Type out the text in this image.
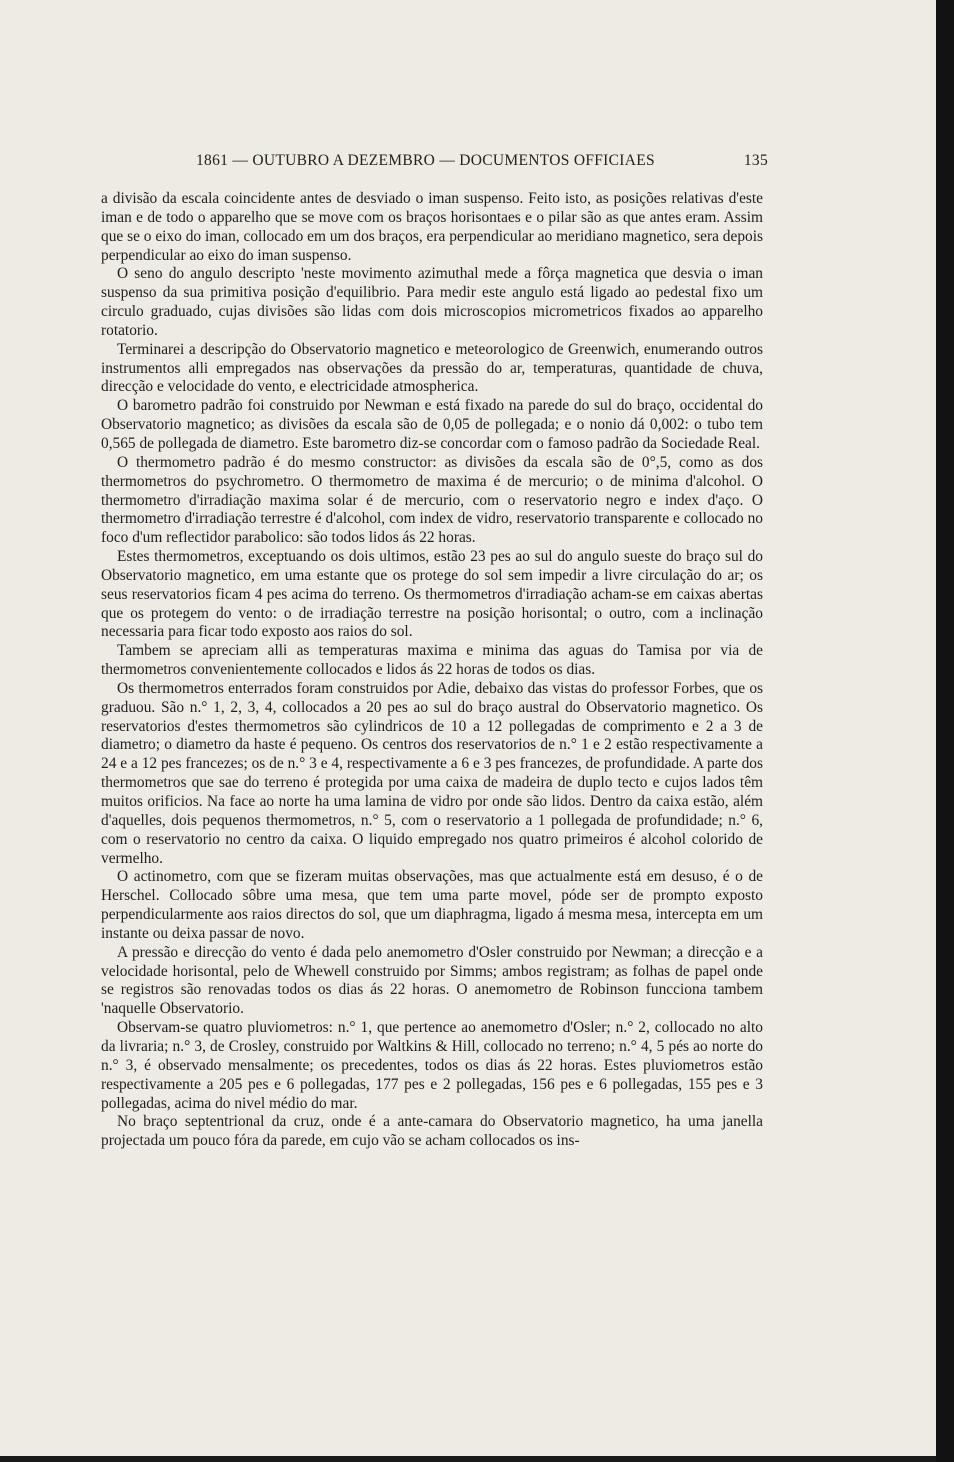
1861 — OUTUBRO A DEZEMBRO — DOCUMENTOS OFFICIAES	135

a divisão da escala coincidente antes de desviado o iman suspenso. Feito isto, as posições relativas d'este iman e de todo o apparelho que se move com os braços horisontaes e o pilar são as que antes eram. Assim que se o eixo do iman, collocado em um dos braços, era perpendicular ao meridiano magnetico, sera depois perpendicular ao eixo do iman suspenso.

O seno do angulo descripto 'neste movimento azimuthal mede a fôrça magnetica que desvia o iman suspenso da sua primitiva posição d'equilibrio. Para medir este angulo está ligado ao pedestal fixo um circulo graduado, cujas divisões são lidas com dois microscopios micrometricos fixados ao apparelho rotatorio.

Terminarei a descripção do Observatorio magnetico e meteorologico de Greenwich, enumerando outros instrumentos alli empregados nas observações da pressão do ar, temperaturas, quantidade de chuva, direcção e velocidade do vento, e electricidade atmospherica.

O barometro padrão foi construido por Newman e está fixado na parede do sul do braço, occidental do Observatorio magnetico; as divisões da escala são de 0,05 de pollegada; e o nonio dá 0,002: o tubo tem 0,565 de pollegada de diametro. Este barometro diz-se concordar com o famoso padrão da Sociedade Real.

O thermometro padrão é do mesmo constructor: as divisões da escala são de 0°,5, como as dos thermometros do psychrometro. O thermometro de maxima é de mercurio; o de minima d'alcohol. O thermometro d'irradiação maxima solar é de mercurio, com o reservatorio negro e index d'aço. O thermometro d'irradiação terrestre é d'alcohol, com index de vidro, reservatorio transparente e collocado no foco d'um reflectidor parabolico: são todos lidos ás 22 horas.

Estes thermometros, exceptuando os dois ultimos, estão 23 pes ao sul do angulo sueste do braço sul do Observatorio magnetico, em uma estante que os protege do sol sem impedir a livre circulação do ar; os seus reservatorios ficam 4 pes acima do terreno. Os thermometros d'irradiação acham-se em caixas abertas que os protegem do vento: o de irradiação terrestre na posição horisontal; o outro, com a inclinação necessaria para ficar todo exposto aos raios do sol.

Tambem se apreciam alli as temperaturas maxima e minima das aguas do Tamisa por via de thermometros convenientemente collocados e lidos ás 22 horas de todos os dias.

Os thermometros enterrados foram construidos por Adie, debaixo das vistas do professor Forbes, que os graduou. São n.° 1, 2, 3, 4, collocados a 20 pes ao sul do braço austral do Observatorio magnetico. Os reservatorios d'estes thermometros são cylindricos de 10 a 12 pollegadas de comprimento e 2 a 3 de diametro; o diametro da haste é pequeno. Os centros dos reservatorios de n.° 1 e 2 estão respectivamente a 24 e a 12 pes francezes; os de n.° 3 e 4, respectivamente a 6 e 3 pes francezes, de profundidade. A parte dos thermometros que sae do terreno é protegida por uma caixa de madeira de duplo tecto e cujos lados têm muitos orificios. Na face ao norte ha uma lamina de vidro por onde são lidos. Dentro da caixa estão, além d'aquelles, dois pequenos thermometros, n.° 5, com o reservatorio a 1 pollegada de profundidade; n.° 6, com o reservatorio no centro da caixa. O liquido empregado nos quatro primeiros é alcohol colorido de vermelho.

O actinometro, com que se fizeram muitas observações, mas que actualmente está em desuso, é o de Herschel. Collocado sôbre uma mesa, que tem uma parte movel, póde ser de prompto exposto perpendicularmente aos raios directos do sol, que um diaphragma, ligado á mesma mesa, intercepta em um instante ou deixa passar de novo.

A pressão e direcção do vento é dada pelo anemometro d'Osler construido por Newman; a direcção e a velocidade horisontal, pelo de Whewell construido por Simms; ambos registram; as folhas de papel onde se registros são renovadas todos os dias ás 22 horas. O anemometro de Robinson funcciona tambem 'naquelle Observatorio.

Observam-se quatro pluviometros: n.° 1, que pertence ao anemometro d'Osler; n.° 2, collocado no alto da livraria; n.° 3, de Crosley, construido por Waltkins & Hill, collocado no terreno; n.° 4, 5 pés ao norte do n.° 3, é observado mensalmente; os precedentes, todos os dias ás 22 horas. Estes pluviometros estão respectivamente a 205 pes e 6 pollegadas, 177 pes e 2 pollegadas, 156 pes e 6 pollegadas, 155 pes e 3 pollegadas, acima do nivel médio do mar.

No braço septentrional da cruz, onde é a ante-camara do Observatorio magnetico, ha uma janella projectada um pouco fóra da parede, em cujo vão se acham collocados os ins-
